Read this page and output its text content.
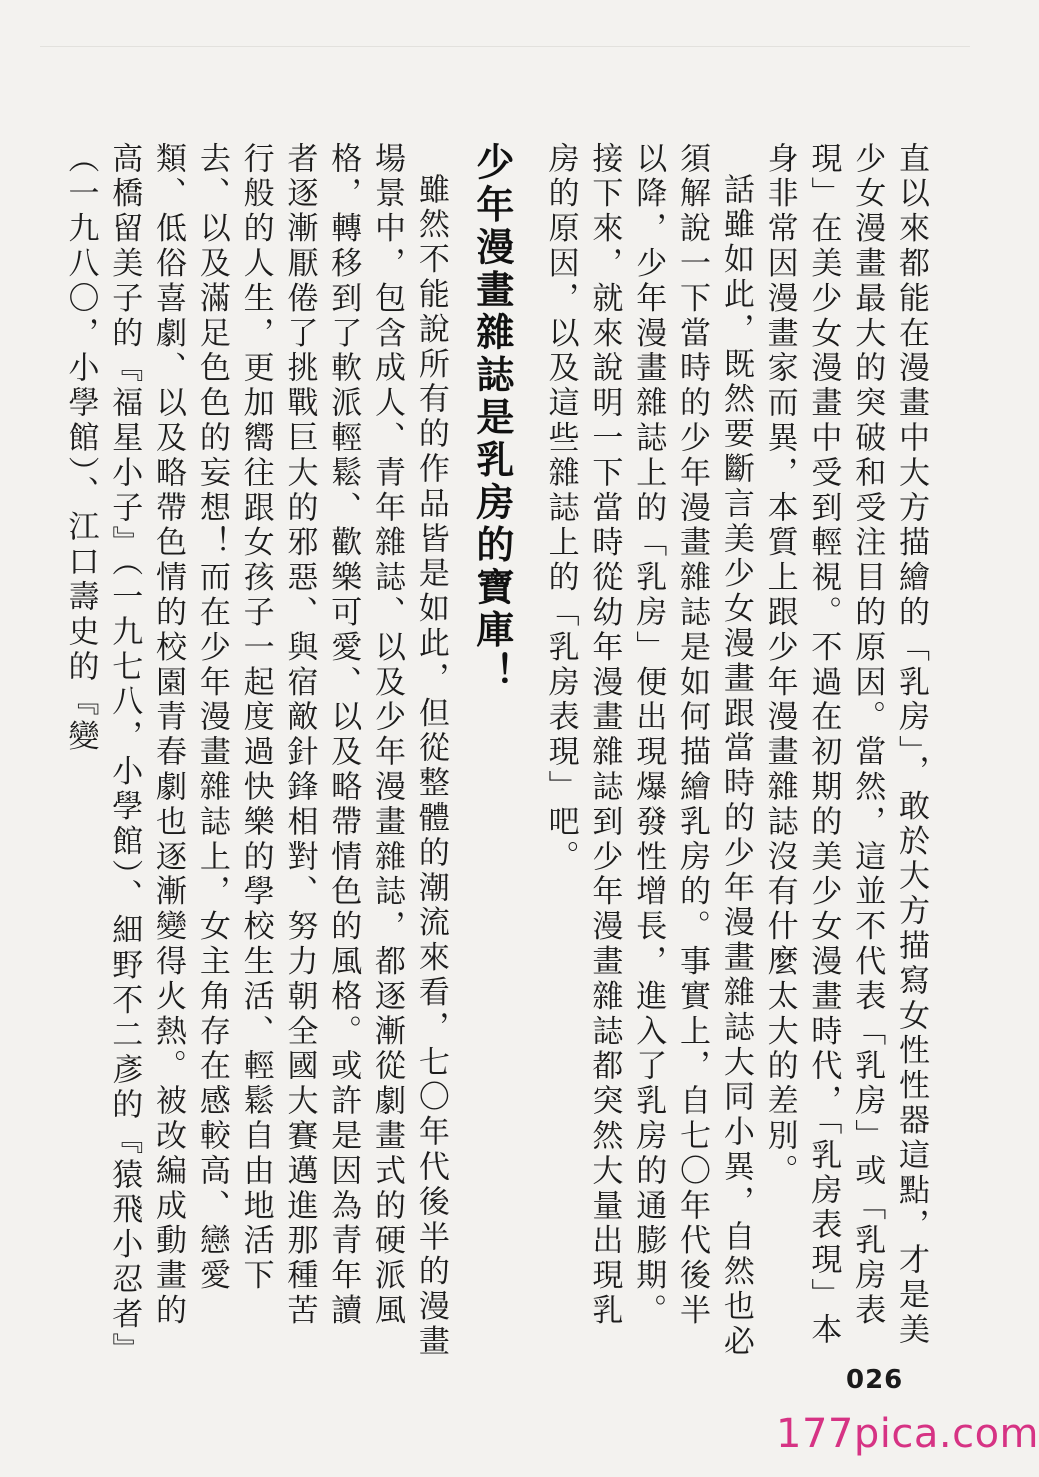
直以來都能在漫畫中大方描繪的「乳房」，敢於大方描寫女性性器這點，才是美少女漫畫最大的突破和受注目的原因。當然，這並不代表「乳房」或「乳房表現」在美少女漫畫中受到輕視。不過在初期的美少女漫畫時代，「乳房表現」本身非常因漫畫家而異，本質上跟少年漫畫雜誌沒有什麼太大的差別。

話雖如此，既然要斷言美少女漫畫跟當時的少年漫畫雜誌大同小異，自然也必須解說一下當時的少年漫畫雜誌是如何描繪乳房的。事實上，自七〇年代後半以降，少年漫畫雜誌上的「乳房」便出現爆發性增長，進入了乳房的通膨期。接下來，就來說明一下當時從幼年漫畫雜誌到少年漫畫雜誌都突然大量出現乳房的原因，以及這些雜誌上的「乳房表現」吧。

少年漫畫雜誌是乳房的寶庫！

雖然不能說所有的作品皆是如此，但從整體的潮流來看，七〇年代後半的漫畫場景中，包含成人、青年雜誌、以及少年漫畫雜誌，都逐漸從劇畫式的硬派風格，轉移到了軟派輕鬆、歡樂可愛、以及略帶情色的風格。或許是因為青年讀者逐漸厭倦了挑戰巨大的邪惡、與宿敵針鋒相對、努力朝全國大賽邁進那種苦行般的人生，更加嚮往跟女孩子一起度過快樂的學校生活、輕鬆自由地活下去、以及滿足色色的妄想！而在少年漫畫雜誌上，女主角存在感較高、戀愛類、低俗喜劇、以及略帶色情的校園青春劇也逐漸變得火熱。被改編成動畫的高橋留美子的『福星小子』（一九七八，小學館）、細野不二彥的『猿飛小忍者』（一九八〇，小學館）、江口壽史的『變

026
177pica.com
